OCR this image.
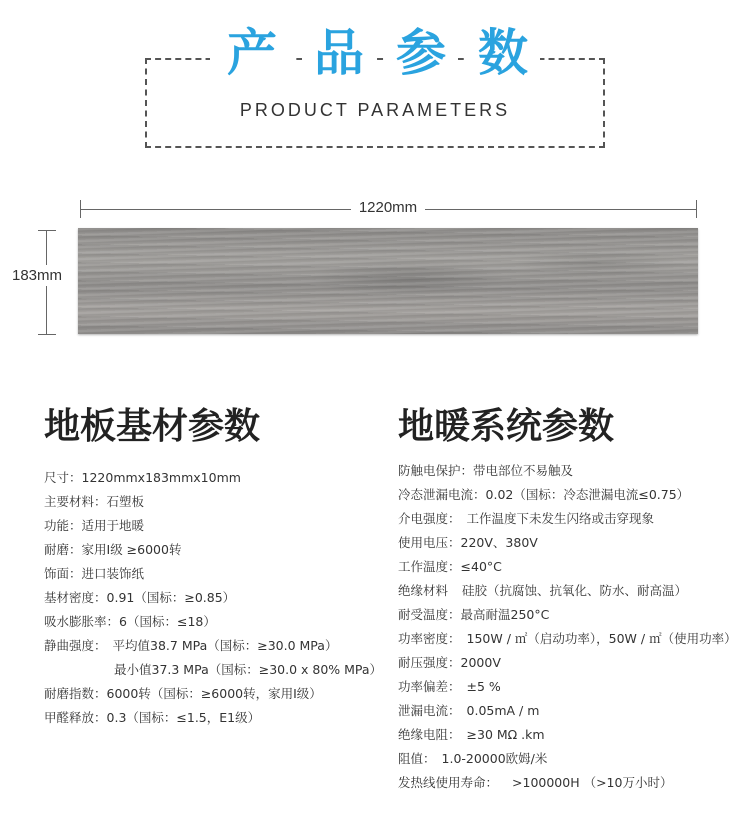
产 品 参 数
PRODUCT PARAMETERS
1220mm
183mm
地板基材参数
尺寸：1220mmx183mmx10mm
主要材料：石塑板
功能：适用于地暖
耐磨：家用I级 ≥6000转
饰面：进口装饰纸
基材密度：0.91（国标：≥0.85）
吸水膨胀率：6（国标：≤18）
静曲强度： 平均值38.7 MPa（国标：≥30.0 MPa）
最小值37.3 MPa（国标：≥30.0 x 80% MPa）
耐磨指数：6000转（国标：≥6000转，家用I级）
甲醛释放：0.3（国标：≤1.5，E1级）
地暖系统参数
防触电保护：带电部位不易触及
冷态泄漏电流：0.02（国标：冷态泄漏电流≤0.75）
介电强度： 工作温度下未发生闪络或击穿现象
使用电压：220V、380V
工作温度：≤40°C
绝缘材料 硅胶（抗腐蚀、抗氧化、防水、耐高温）
耐受温度：最高耐温250°C
功率密度： 150W / ㎡（启动功率），50W / ㎡（使用功率）
耐压强度：2000V
功率偏差： ±5 %
泄漏电流： 0.05mA / m
绝缘电阻： ≥30 MΩ .km
阻值： 1.0-20000欧姆/米
发热线使用寿命： >100000H （>10万小时）
